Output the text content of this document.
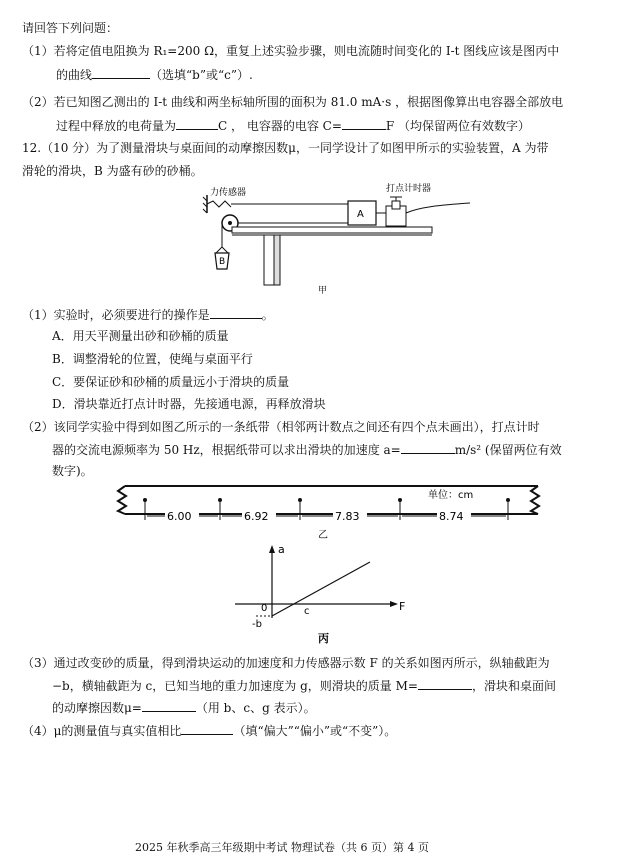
请回答下列问题：
（1）若将定值电阻换为 R₁=200 Ω，重复上述实验步骤，则电流随时间变化的 I-t 图线应该是图丙中
的曲线	（选填“b”或“c”）.
（2）若已知图乙测出的 I-t 曲线和两坐标轴所围的面积为 81.0 mA·s ，根据图像算出电容器全部放电
过程中释放的电荷量为	C ， 电容器的电容 C=	F （均保留两位有效数字）
12.（10 分）为了测量滑块与桌面间的动摩擦因数μ，一同学设计了如图甲所示的实验装置，A 为带
滑轮的滑块，B 为盛有砂的砂桶。
力传感器
A
打点计时器
B
甲
（1）实验时，必须要进行的操作是	。
A．用天平测量出砂和砂桶的质量
B．调整滑轮的位置，使绳与桌面平行
C．要保证砂和砂桶的质量远小于滑块的质量
D．滑块靠近打点计时器，先接通电源，再释放滑块
（2）该同学实验中得到如图乙所示的一条纸带（相邻两计数点之间还有四个点未画出），打点计时
器的交流电源频率为 50 Hz，根据纸带可以求出滑块的加速度 a=	m/s² (保留两位有效
数字)。
单位：cm
6.00	6.92	7.83	8.74
乙
a
F
0
-b
c
丙
（3）通过改变砂的质量，得到滑块运动的加速度和力传感器示数 F 的关系如图丙所示，纵轴截距为
−b，横轴截距为 c，已知当地的重力加速度为 g，则滑块的质量 M=	，滑块和桌面间
的动摩擦因数μ=	（用 b、c、g 表示）。
（4）μ的测量值与真实值相比	（填“偏大”“偏小”或“不变”）。
2025 年秋季高三年级期中考试 物理试卷（共 6 页）第 4 页
